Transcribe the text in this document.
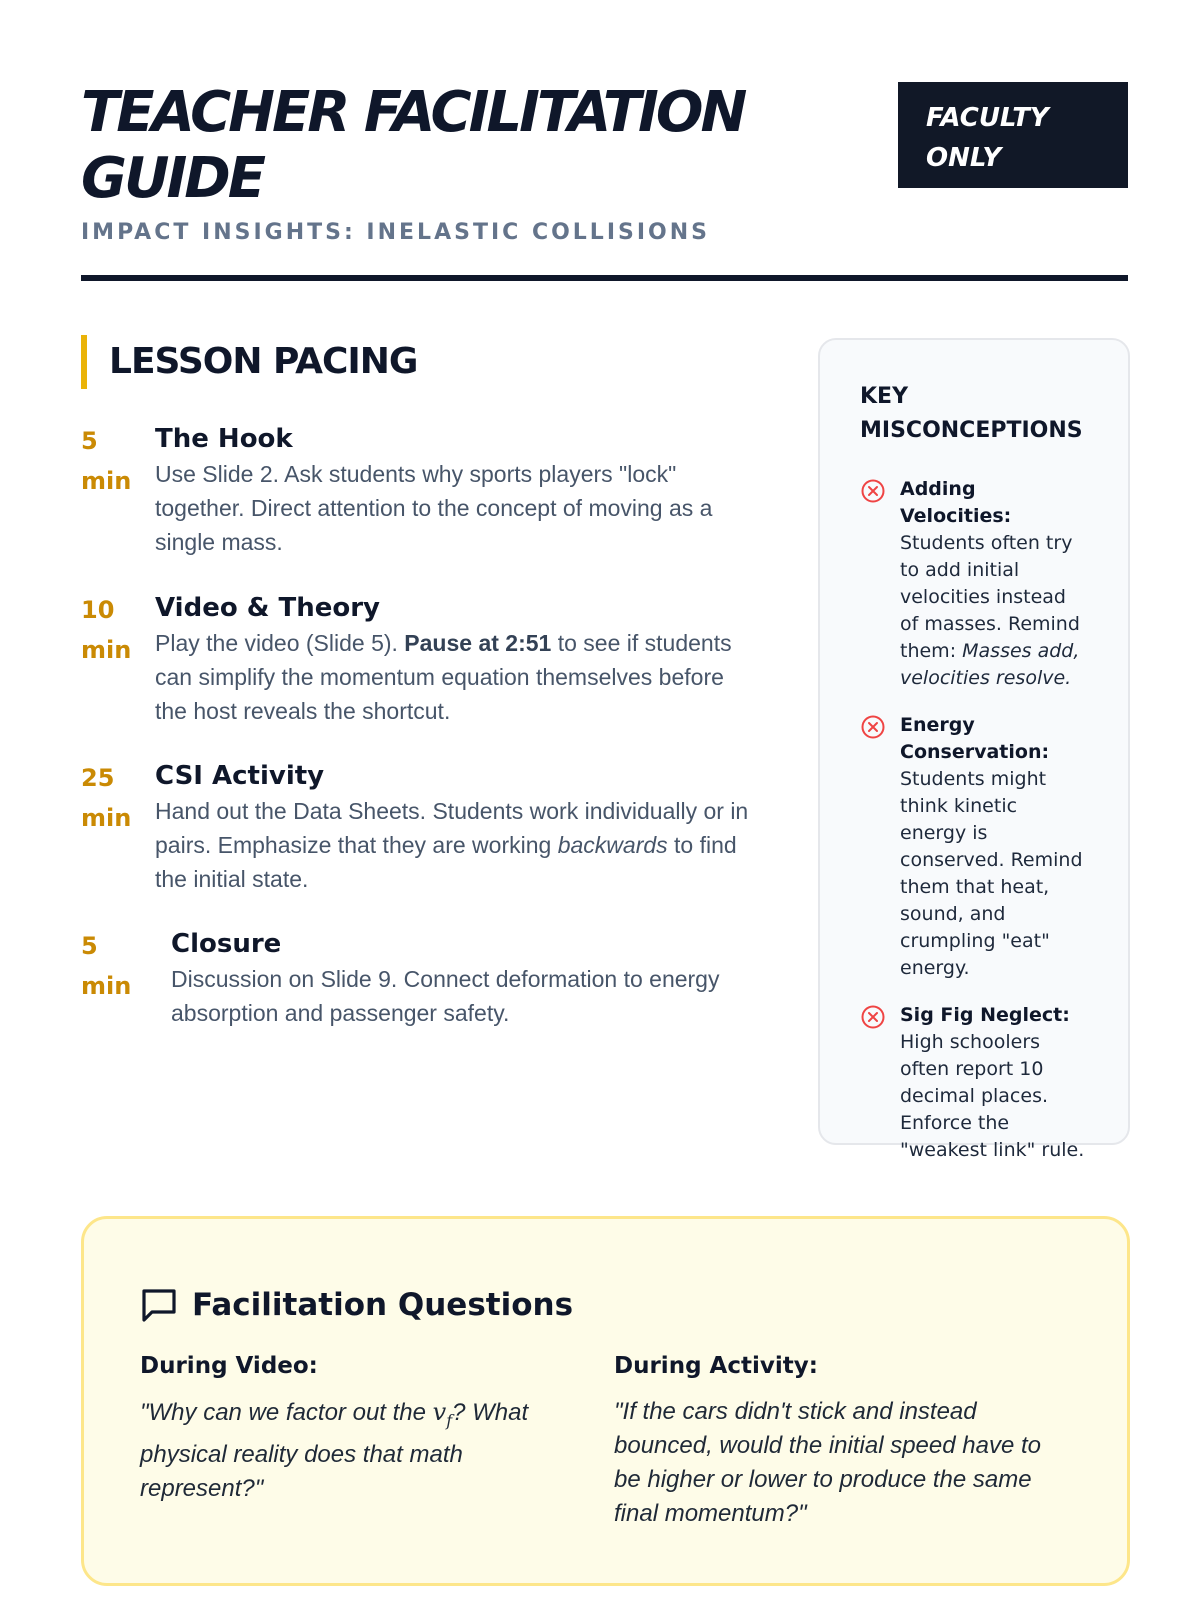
TEACHER FACILITATION GUIDE
IMPACT INSIGHTS: INELASTIC COLLISIONS
FACULTY ONLY
LESSON PACING
5
min
The Hook
Use Slide 2. Ask students why sports players "lock" together. Direct attention to the concept of moving as a single mass.
10
min
Video & Theory
Play the video (Slide 5). Pause at 2:51 to see if students can simplify the momentum equation themselves before the host reveals the shortcut.
25
min
CSI Activity
Hand out the Data Sheets. Students work individually or in pairs. Emphasize that they are working backwards to find the initial state.
5
min
Closure
Discussion on Slide 9. Connect deformation to energy absorption and passenger safety.
KEY MISCONCEPTIONS
Adding Velocities: Students often try to add initial velocities instead of masses. Remind them: Masses add, velocities resolve.
Energy Conservation: Students might think kinetic energy is conserved. Remind them that heat, sound, and crumpling "eat" energy.
Sig Fig Neglect: High schoolers often report 10 decimal places. Enforce the "weakest link" rule.
Facilitation Questions
During Video:
"Why can we factor out the $v_f$? What physical reality does that math represent?"
During Activity:
"If the cars didn't stick and instead bounced, would the initial speed have to be higher or lower to produce the same final momentum?"
